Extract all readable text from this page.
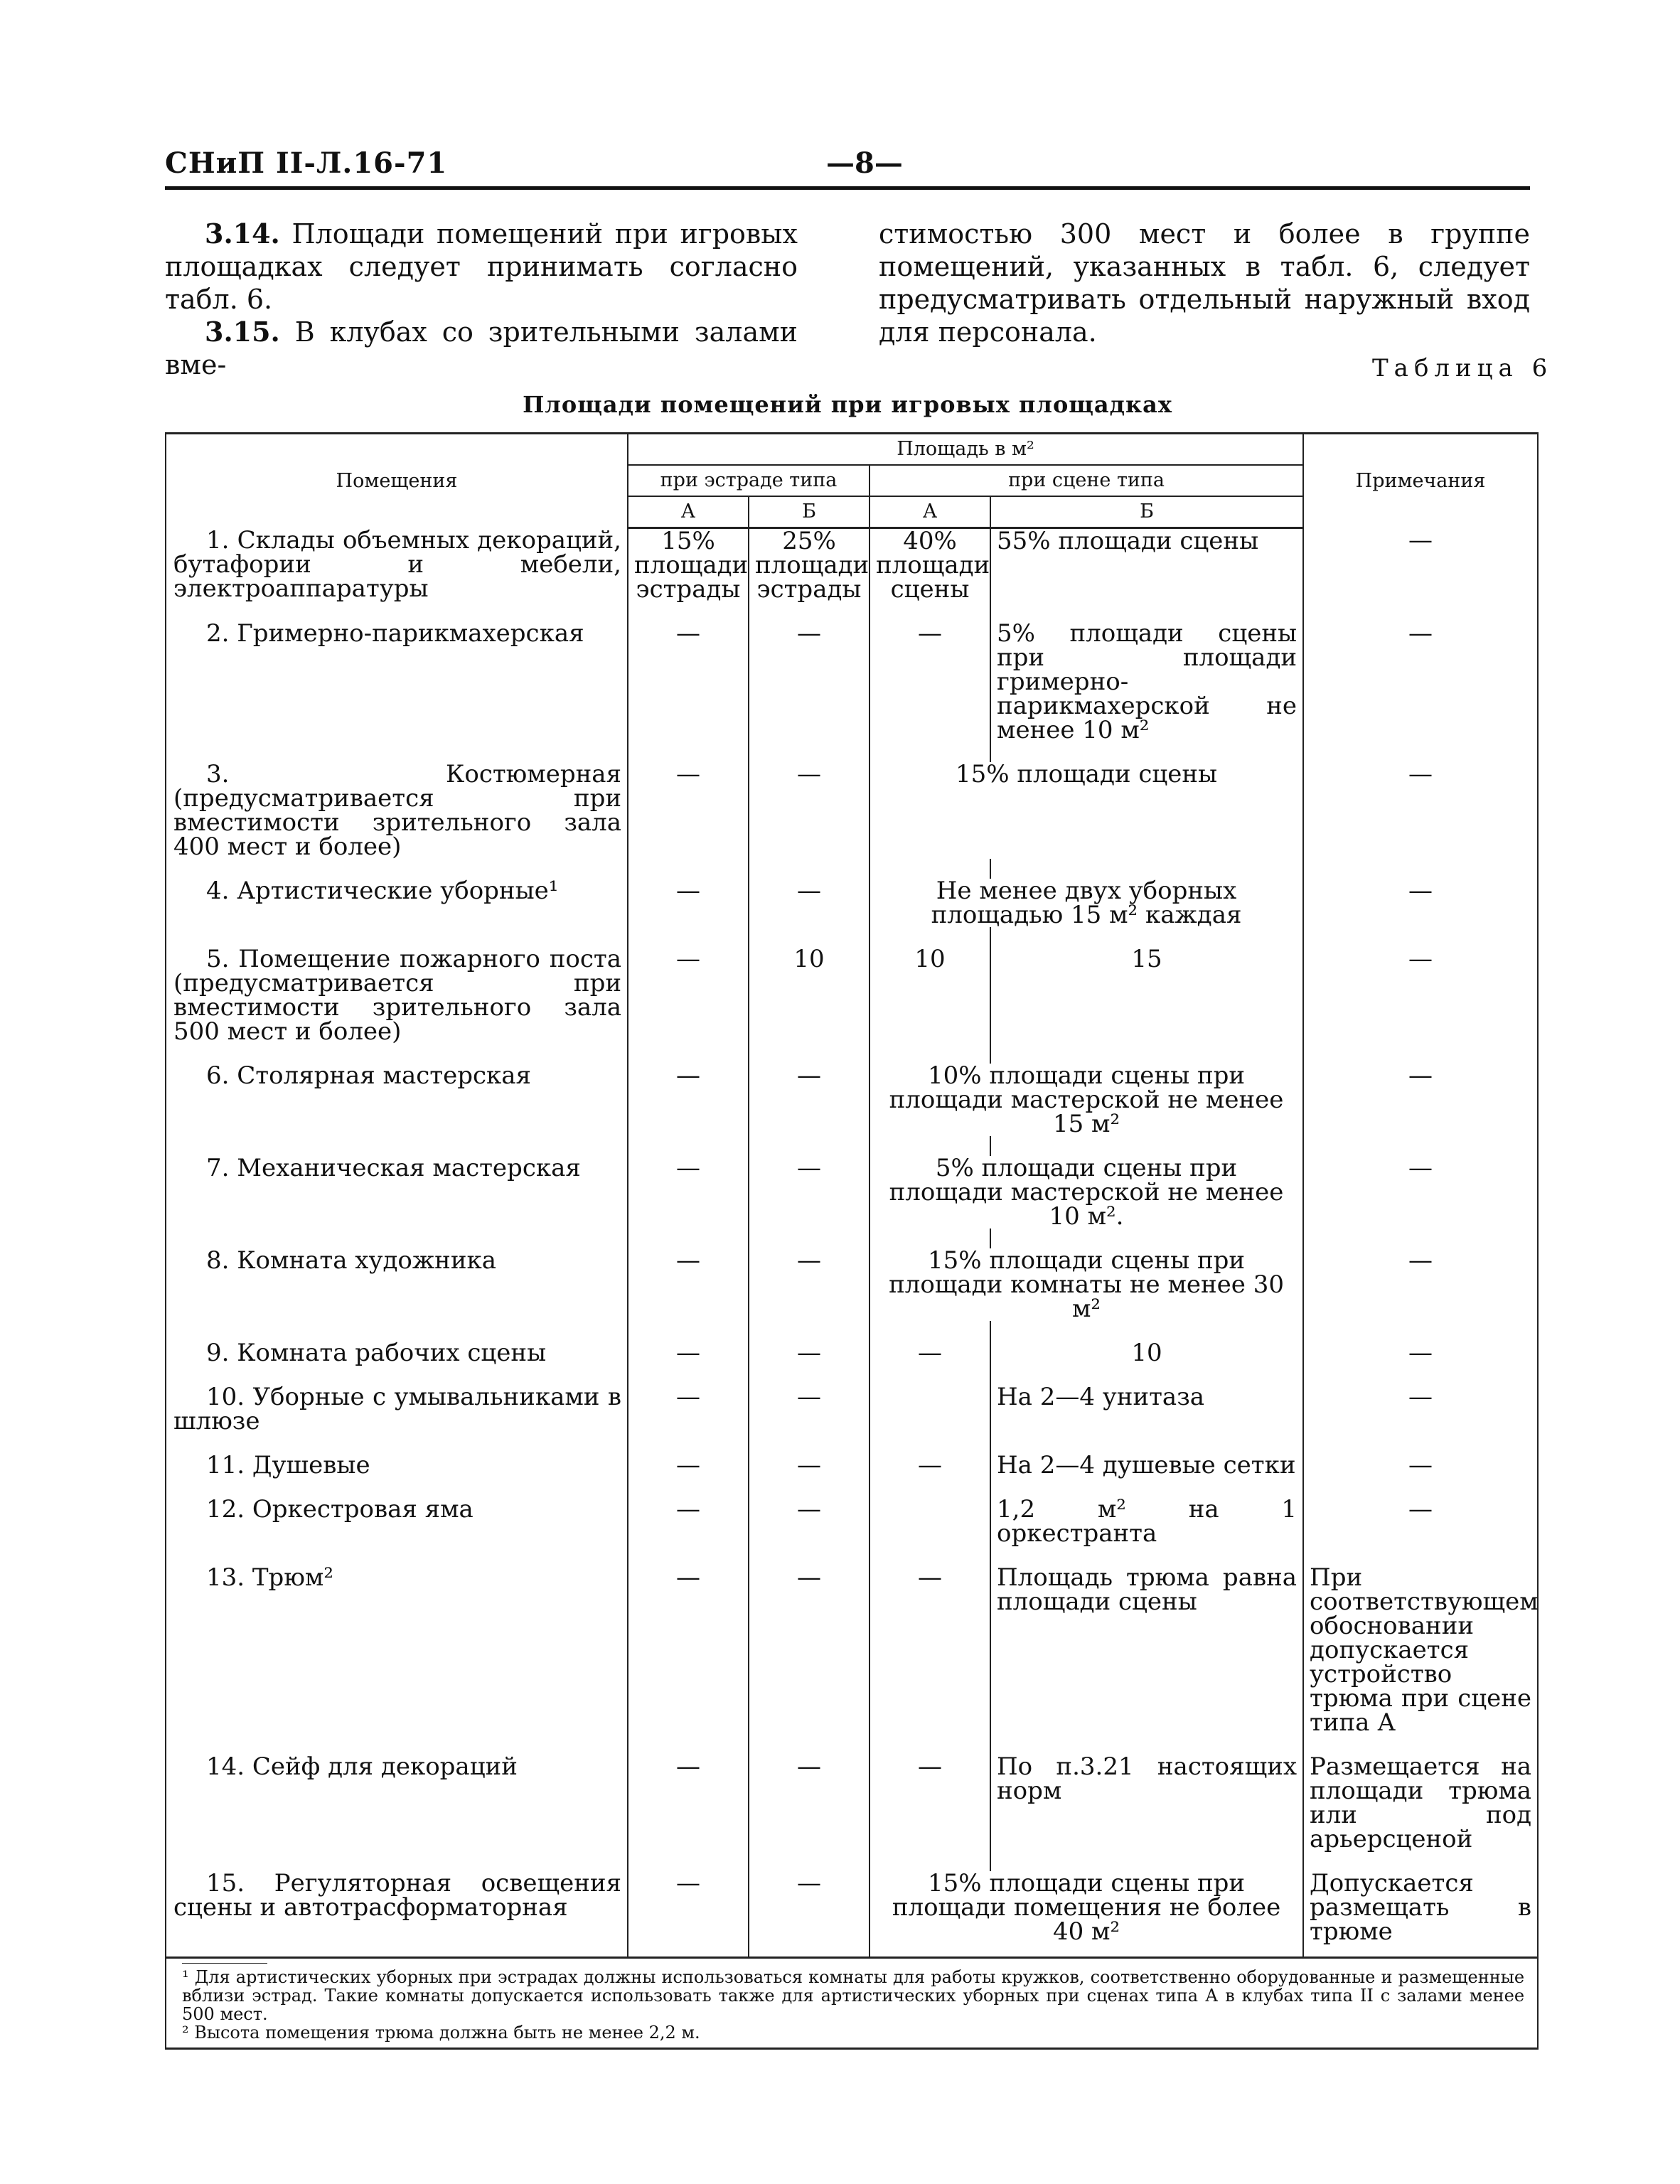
СНиП II-Л.16-71	—8—

3.14. Площади помещений при игровых площадках следует принимать согласно табл. 6.

3.15. В клубах со зрительными залами вме-

стимостью 300 мест и более в группе помещений, указанных в табл. 6, следует предусматривать отдельный наружный вход для персонала.

Таблица 6
Площади помещений при игровых площадках
Помещения	Площадь в м²				Примечания
	при эстраде типа		при сцене типа		
	А	Б	А	Б	

1. Склады объемных декораций, бутафории и мебели, электроаппаратуры	15% площади эстрады	25% площади эстрады	40% площади сцены	55% площади сцены	—

2. Гримерно-парикмахерская	—	—	—	5% площади сцены при площади гримерно-парикмахерской не менее 10 м²	—

3. Костюмерная (предусматривается при вместимости зрительного зала 400 мест и более)	—	—	15% площади сцены		—

4. Артистические уборные¹	—	—	Не менее двух уборных площадью 15 м² каждая		—

5. Помещение пожарного поста (предусматривается при вместимости зрительного зала 500 мест и более)	—	10	10	15	—

6. Столярная мастерская	—	—	10% площади сцены при площади мастерской не менее 15 м²		—

7. Механическая мастерская	—	—	5% площади сцены при площади мастерской не менее 10 м².		—

8. Комната художника	—	—	15% площади сцены при площади комнаты не менее 30 м²		—

9. Комната рабочих сцены	—	—	—	10	—

10. Уборные с умывальниками в шлюзе	—	—		На 2—4 унитаза	—

11. Душевые	—	—	—	На 2—4 душевые сетки	—

12. Оркестровая яма	—	—		1,2 м² на 1 оркестранта	—

13. Трюм²	—	—	—	Площадь трюма равна площади сцены	При соответствующем обосновании допускается устройство трюма при сцене типа А

14. Сейф для декораций	—	—	—	По п.3.21 настоящих норм	Размещается на площади трюма или под арьерсценой

15. Регуляторная освещения сцены и автотрасформаторная	—	—	15% площади сцены при площади помещения не более 40 м²		Допускается размещать в трюме

¹ Для артистических уборных при эстрадах должны использоваться комнаты для работы кружков, соответственно оборудованные и размещенные вблизи эстрад. Такие комнаты допускается использовать также для артистических уборных при сценах типа А в клубах типа II с залами менее 500 мест.

² Высота помещения трюма должна быть не менее 2,2 м.					
